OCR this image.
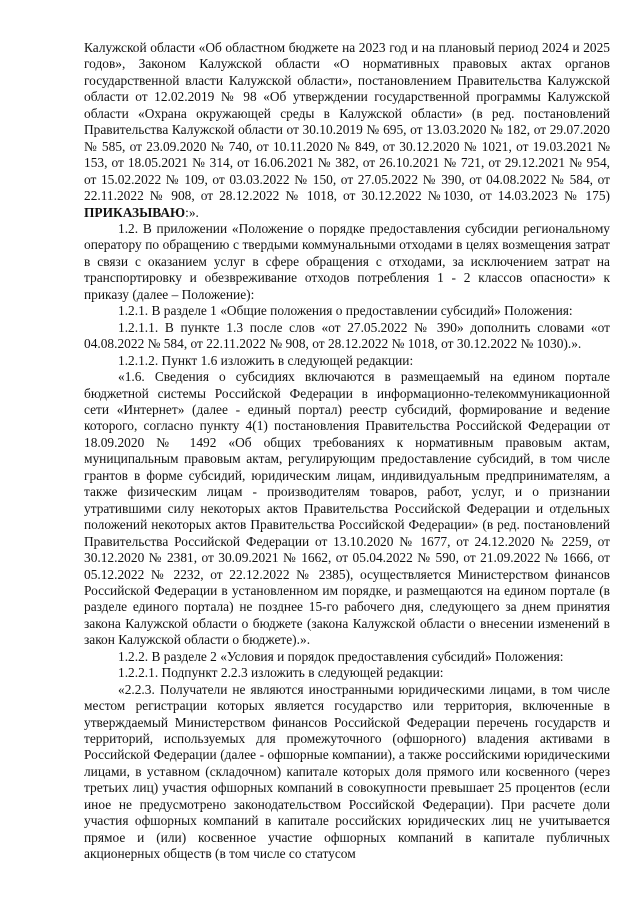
Калужской области «Об областном бюджете на 2023 год и на плановый период 2024 и 2025 годов», Законом Калужской области «О нормативных правовых актах органов государственной власти Калужской области», постановлением Правительства Калужской области от 12.02.2019 № 98 «Об утверждении государственной программы Калужской области «Охрана окружающей среды в Калужской области» (в ред. постановлений Правительства Калужской области от 30.10.2019 № 695, от 13.03.2020 № 182, от 29.07.2020 № 585, от 23.09.2020 № 740, от 10.11.2020 № 849, от 30.12.2020 № 1021, от 19.03.2021 № 153, от 18.05.2021 № 314, от 16.06.2021 № 382, от 26.10.2021 № 721, от 29.12.2021 № 954, от 15.02.2022 № 109, от 03.03.2022 № 150, от 27.05.2022 № 390, от 04.08.2022 № 584, от 22.11.2022 № 908, от 28.12.2022 № 1018, от 30.12.2022 №1030, от 14.03.2023 № 175) ПРИКАЗЫВАЮ:».

1.2. В приложении «Положение о порядке предоставления субсидии региональному оператору по обращению с твердыми коммунальными отходами в целях возмещения затрат в связи с оказанием услуг в сфере обращения с отходами, за исключением затрат на транспортировку и обезвреживание отходов потребления 1 - 2 классов опасности» к приказу (далее – Положение):

1.2.1. В разделе 1 «Общие положения о предоставлении субсидий» Положения:

1.2.1.1. В пункте 1.3 после слов «от 27.05.2022 № 390» дополнить словами «от 04.08.2022 № 584, от 22.11.2022 № 908, от 28.12.2022 № 1018, от 30.12.2022 № 1030).».

1.2.1.2. Пункт 1.6 изложить в следующей редакции:

«1.6. Сведения о субсидиях включаются в размещаемый на едином портале бюджетной системы Российской Федерации в информационно-телекоммуникационной сети «Интернет» (далее - единый портал) реестр субсидий, формирование и ведение которого, согласно пункту 4(1) постановления Правительства Российской Федерации от 18.09.2020 № 1492 «Об общих требованиях к нормативным правовым актам, муниципальным правовым актам, регулирующим предоставление субсидий, в том числе грантов в форме субсидий, юридическим лицам, индивидуальным предпринимателям, а также физическим лицам - производителям товаров, работ, услуг, и о признании утратившими силу некоторых актов Правительства Российской Федерации и отдельных положений некоторых актов Правительства Российской Федерации» (в ред. постановлений Правительства Российской Федерации от 13.10.2020 № 1677, от 24.12.2020 № 2259, от 30.12.2020 № 2381, от 30.09.2021 № 1662, от 05.04.2022 № 590, от 21.09.2022 № 1666, от 05.12.2022 № 2232, от 22.12.2022 № 2385), осуществляется Министерством финансов Российской Федерации в установленном им порядке, и размещаются на едином портале (в разделе единого портала) не позднее 15-го рабочего дня, следующего за днем принятия закона Калужской области о бюджете (закона Калужской области о внесении изменений в закон Калужской области о бюджете).».

1.2.2. В разделе 2 «Условия и порядок предоставления субсидий» Положения:

1.2.2.1. Подпункт 2.2.3 изложить в следующей редакции:

«2.2.3. Получатели не являются иностранными юридическими лицами, в том числе местом регистрации которых является государство или территория, включенные в утверждаемый Министерством финансов Российской Федерации перечень государств и территорий, используемых для промежуточного (офшорного) владения активами в Российской Федерации (далее - офшорные компании), а также российскими юридическими лицами, в уставном (складочном) капитале которых доля прямого или косвенного (через третьих лиц) участия офшорных компаний в совокупности превышает 25 процентов (если иное не предусмотрено законодательством Российской Федерации). При расчете доли участия офшорных компаний в капитале российских юридических лиц не учитывается прямое и (или) косвенное участие офшорных компаний в капитале публичных акционерных обществ (в том числе со статусом
